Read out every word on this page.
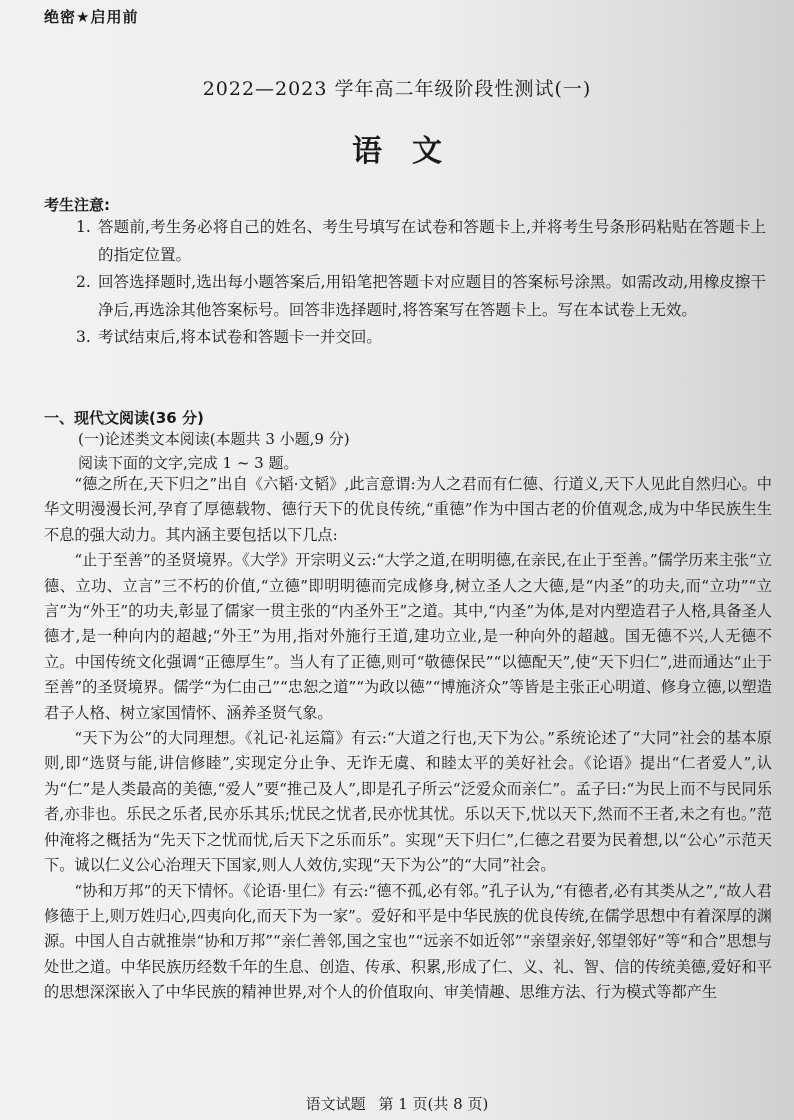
绝密★启用前
2022—2023 学年高二年级阶段性测试(一)
语文
考生注意:
1. 答题前,考生务必将自己的姓名、考生号填写在试卷和答题卡上,并将考生号条形码粘贴在答题卡上的指定位置。
2. 回答选择题时,选出每小题答案后,用铅笔把答题卡对应题目的答案标号涂黑。如需改动,用橡皮擦干净后,再选涂其他答案标号。回答非选择题时,将答案写在答题卡上。写在本试卷上无效。
3. 考试结束后,将本试卷和答题卡一并交回。
一、现代文阅读(36 分)
(一)论述类文本阅读(本题共 3 小题,9 分)
阅读下面的文字,完成 1 ~ 3 题。

“德之所在,天下归之”出自《六韬·文韬》,此言意谓:为人之君而有仁德、行道义,天下人见此自然归心。中华文明漫漫长河,孕育了厚德载物、德行天下的优良传统,“重德”作为中国古老的价值观念,成为中华民族生生不息的强大动力。其内涵主要包括以下几点:

“止于至善”的圣贤境界。《大学》开宗明义云:“大学之道,在明明德,在亲民,在止于至善。”儒学历来主张“立德、立功、立言”三不朽的价值,“立德”即明明德而完成修身,树立圣人之大德,是“内圣”的功夫,而“立功”“立言”为“外王”的功夫,彰显了儒家一贯主张的“内圣外王”之道。其中,“内圣”为体,是对内塑造君子人格,具备圣人德才,是一种向内的超越;“外王”为用,指对外施行王道,建功立业,是一种向外的超越。国无德不兴,人无德不立。中国传统文化强调“正德厚生”。当人有了正德,则可“敬德保民”“以德配天”,使“天下归仁”,进而通达“止于至善”的圣贤境界。儒学“为仁由己”“忠恕之道”“为政以德”“博施济众”等皆是主张正心明道、修身立德,以塑造君子人格、树立家国情怀、涵养圣贤气象。

“天下为公”的大同理想。《礼记·礼运篇》有云:“大道之行也,天下为公。”系统论述了“大同”社会的基本原则,即“选贤与能,讲信修睦”,实现定分止争、无诈无虞、和睦太平的美好社会。《论语》提出“仁者爱人”,认为“仁”是人类最高的美德,“爱人”要“推己及人”,即是孔子所云“泛爱众而亲仁”。孟子曰:“为民上而不与民同乐者,亦非也。乐民之乐者,民亦乐其乐;忧民之忧者,民亦忧其忧。乐以天下,忧以天下,然而不王者,未之有也。”范仲淹将之概括为“先天下之忧而忧,后天下之乐而乐”。实现“天下归仁”,仁德之君要为民着想,以“公心”示范天下。诚以仁义公心治理天下国家,则人人效仿,实现“天下为公”的“大同”社会。

“协和万邦”的天下情怀。《论语·里仁》有云:“德不孤,必有邻。”孔子认为,“有德者,必有其类从之”,“故人君修德于上,则万姓归心,四夷向化,而天下为一家”。爱好和平是中华民族的优良传统,在儒学思想中有着深厚的渊源。中国人自古就推崇“协和万邦”“亲仁善邻,国之宝也”“远亲不如近邻”“亲望亲好,邻望邻好”等“和合”思想与处世之道。中华民族历经数千年的生息、创造、传承、积累,形成了仁、义、礼、智、信的传统美德,爱好和平的思想深深嵌入了中华民族的精神世界,对个人的价值取向、审美情趣、思维方法、行为模式等都产生

语文试题 第 1 页(共 8 页)
